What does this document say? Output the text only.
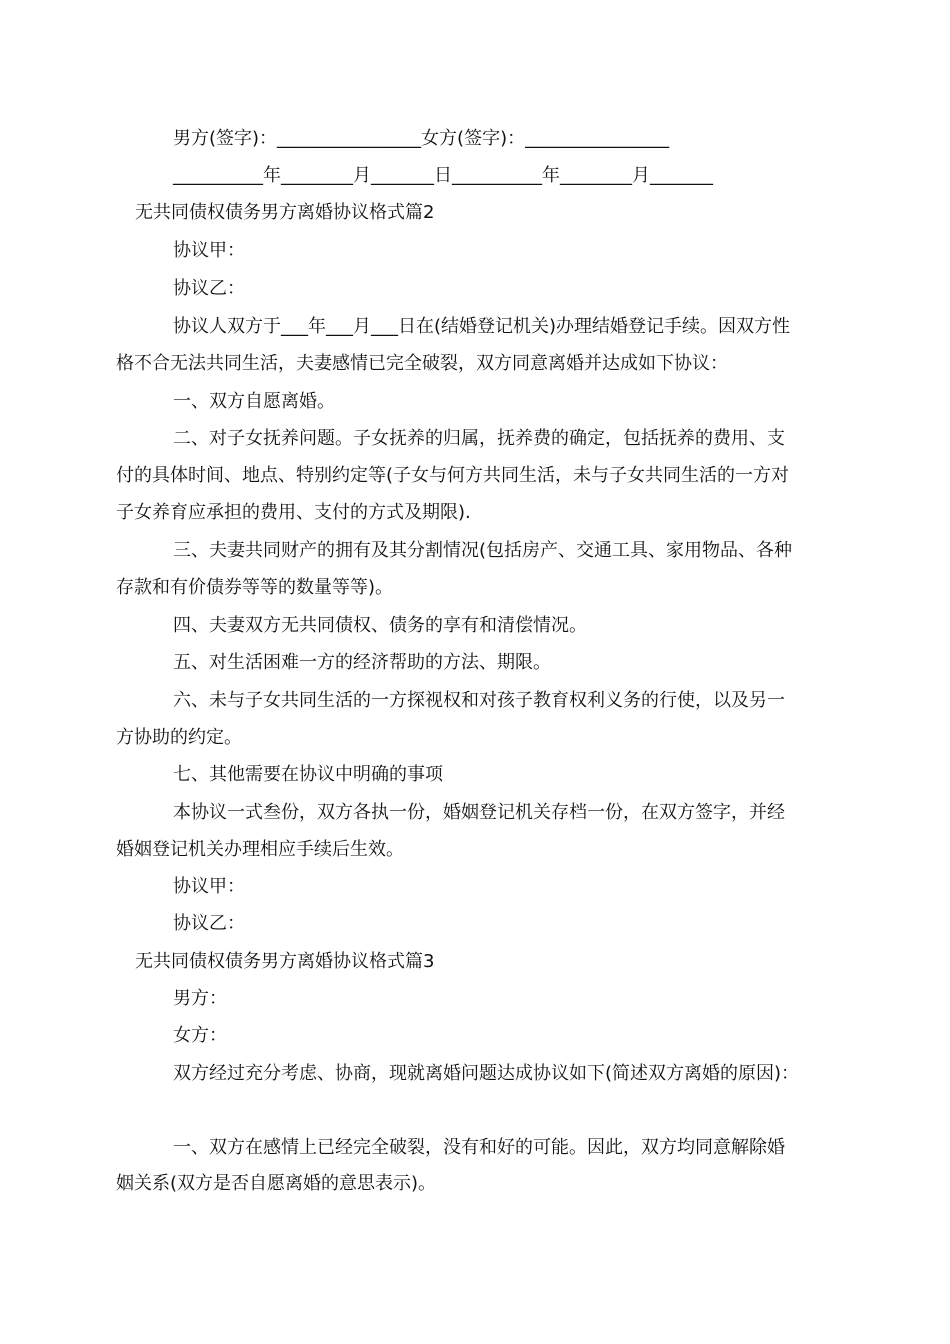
男方(签字)：________________女方(签字)：________________
__________年________月_______日__________年________月_______
无共同债权债务男方离婚协议格式篇2
协议甲：
协议乙：
协议人双方于___年___月___日在(结婚登记机关)办理结婚登记手续。因双方性
格不合无法共同生活，夫妻感情已完全破裂，双方同意离婚并达成如下协议：
一、双方自愿离婚。
二、对子女抚养问题。子女抚养的归属，抚养费的确定，包括抚养的费用、支
付的具体时间、地点、特别约定等(子女与何方共同生活，未与子女共同生活的一方对
子女养育应承担的费用、支付的方式及期限).
三、夫妻共同财产的拥有及其分割情况(包括房产、交通工具、家用物品、各种
存款和有价债券等等的数量等等)。
四、夫妻双方无共同债权、债务的享有和清偿情况。
五、对生活困难一方的经济帮助的方法、期限。
六、未与子女共同生活的一方探视权和对孩子教育权利义务的行使，以及另一
方协助的约定。
七、其他需要在协议中明确的事项
本协议一式叁份，双方各执一份，婚姻登记机关存档一份，在双方签字，并经
婚姻登记机关办理相应手续后生效。
协议甲：
协议乙：
无共同债权债务男方离婚协议格式篇3
男方：
女方：
双方经过充分考虑、协商，现就离婚问题达成协议如下(简述双方离婚的原因)：
一、双方在感情上已经完全破裂，没有和好的可能。因此，双方均同意解除婚
姻关系(双方是否自愿离婚的意思表示)。
